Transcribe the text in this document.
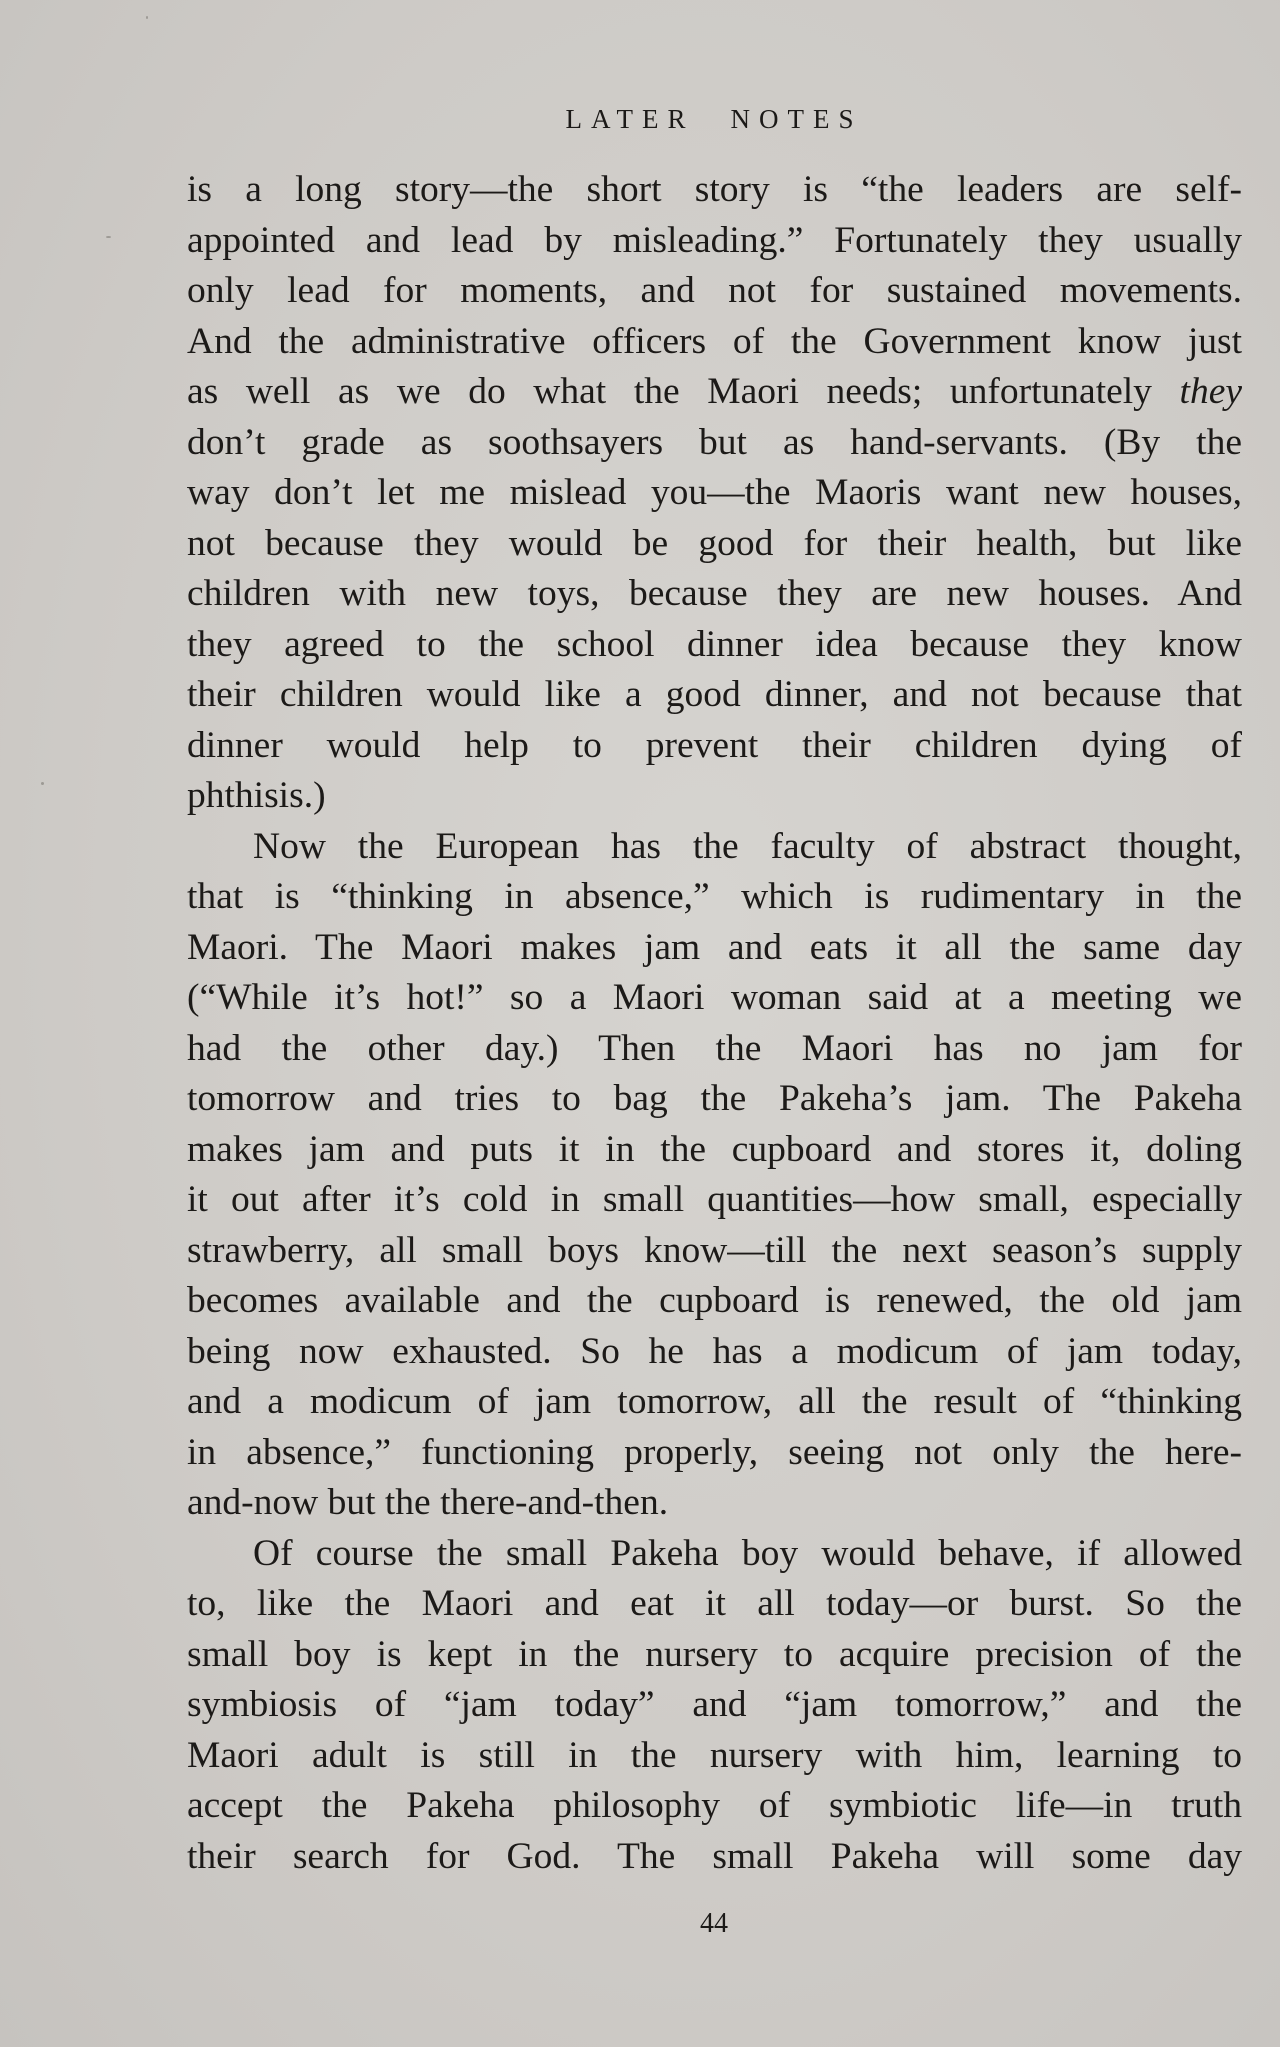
LATER NOTES
is a long story—the short story is “the leaders are self-
appointed and lead by misleading.” Fortunately they usually
only lead for moments, and not for sustained movements.
And the administrative officers of the Government know just
as well as we do what the Maori needs; unfortunately they
don’t grade as soothsayers but as hand-servants. (By the
way don’t let me mislead you—the Maoris want new houses,
not because they would be good for their health, but like
children with new toys, because they are new houses. And
they agreed to the school dinner idea because they know
their children would like a good dinner, and not because that
dinner would help to prevent their children dying of
phthisis.)
Now the European has the faculty of abstract thought,
that is “thinking in absence,” which is rudimentary in the
Maori. The Maori makes jam and eats it all the same day
(“While it’s hot!” so a Maori woman said at a meeting we
had the other day.) Then the Maori has no jam for
tomorrow and tries to bag the Pakeha’s jam. The Pakeha
makes jam and puts it in the cupboard and stores it, doling
it out after it’s cold in small quantities—how small, especially
strawberry, all small boys know—till the next season’s supply
becomes available and the cupboard is renewed, the old jam
being now exhausted. So he has a modicum of jam today,
and a modicum of jam tomorrow, all the result of “thinking
in absence,” functioning properly, seeing not only the here-
and-now but the there-and-then.
Of course the small Pakeha boy would behave, if allowed
to, like the Maori and eat it all today—or burst. So the
small boy is kept in the nursery to acquire precision of the
symbiosis of “jam today” and “jam tomorrow,” and the
Maori adult is still in the nursery with him, learning to
accept the Pakeha philosophy of symbiotic life—in truth
their search for God. The small Pakeha will some day
44
